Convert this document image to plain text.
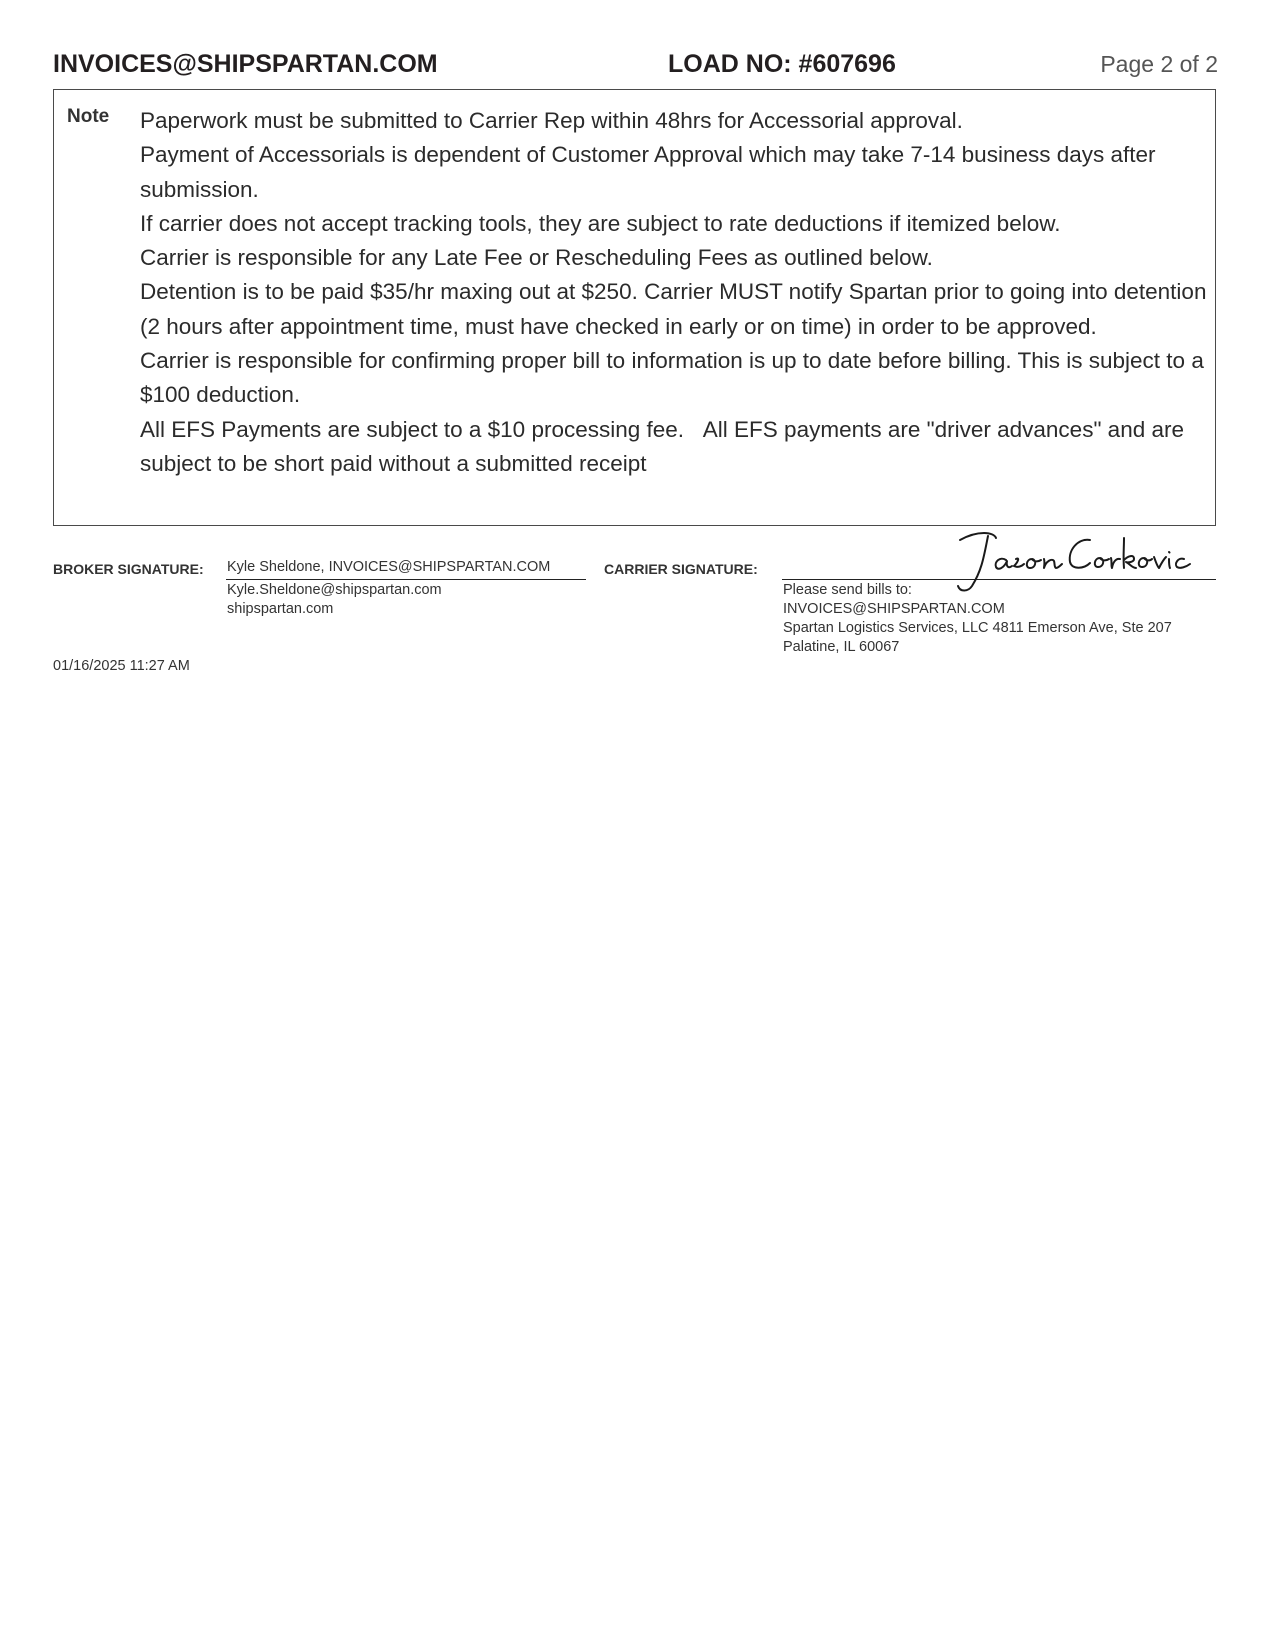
INVOICES@SHIPSPARTAN.COM	LOAD NO: #607696	Page 2 of 2
Note Paperwork must be submitted to Carrier Rep within 48hrs for Accessorial approval.

Payment of Accessorials is dependent of Customer Approval which may take 7-14 business days after submission.

If carrier does not accept tracking tools, they are subject to rate deductions if itemized below.

Carrier is responsible for any Late Fee or Rescheduling Fees as outlined below.

Detention is to be paid $35/hr maxing out at $250. Carrier MUST notify Spartan prior to going into detention (2 hours after appointment time, must have checked in early or on time) in order to be approved.

Carrier is responsible for confirming proper bill to information is up to date before billing. This is subject to a $100 deduction.

All EFS Payments are subject to a $10 processing fee.   All EFS payments are "driver advances" and are subject to be short paid without a submitted receipt

BROKER SIGNATURE: Kyle Sheldone, INVOICES@SHIPSPARTAN.COM
Kyle.Sheldone@shipspartan.com
shipspartan.com
CARRIER SIGNATURE:
Please send bills to:
INVOICES@SHIPSPARTAN.COM
Spartan Logistics Services, LLC 4811 Emerson Ave, Ste 207
Palatine, IL 60067
01/16/2025 11:27 AM
